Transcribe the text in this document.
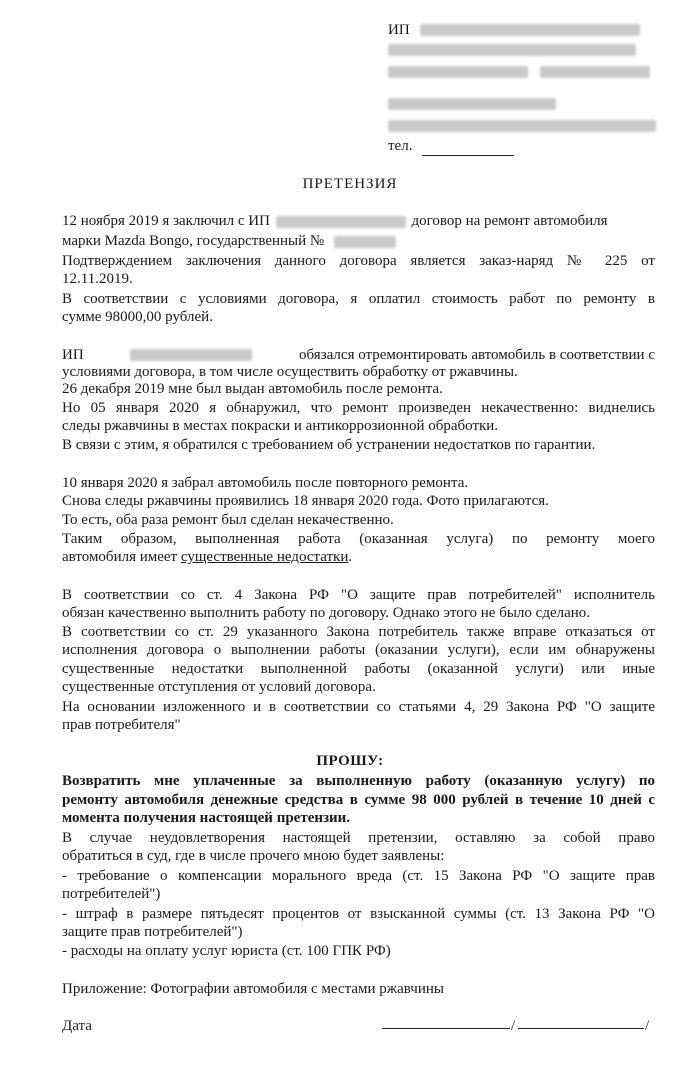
ИП
тел.
ПРЕТЕНЗИЯ
12 ноября 2019 я заключил с ИП	договор на ремонт автомобиля
марки Mazda Bongo, государственный №
Подтверждением заключения данного договора является заказ-наряд № 225 от
12.11.2019.
В соответствии с условиями договора, я оплатил стоимость работ по ремонту в
сумме 98000,00 рублей.
ИП	обязался отремонтировать автомобиль в соответствии с
условиями договора, в том числе осуществить обработку от ржавчины.
26 декабря 2019 мне был выдан автомобиль после ремонта.
Но 05 января 2020 я обнаружил, что ремонт произведен некачественно: виднелись
следы ржавчины в местах покраски и антикоррозионной обработки.
В связи с этим, я обратился с требованием об устранении недостатков по гарантии.
10 января 2020 я забрал автомобиль после повторного ремонта.
Снова следы ржавчины проявились 18 января 2020 года. Фото прилагаются.
То есть, оба раза ремонт был сделан некачественно.
Таким образом, выполненная работа (оказанная услуга) по ремонту моего
автомобиля имеет существенные недостатки.
В соответствии со ст. 4 Закона РФ "О защите прав потребителей" исполнитель
обязан качественно выполнить работу по договору. Однако этого не было сделано.
В соответствии со ст. 29 указанного Закона потребитель также вправе отказаться от
исполнения договора о выполнении работы (оказании услуги), если им обнаружены
существенные недостатки выполненной работы (оказанной услуги) или иные
существенные отступления от условий договора.
На основании изложенного и в соответствии со статьями 4, 29 Закона РФ "О защите
прав потребителя"
ПРОШУ:
Возвратить мне уплаченные за выполненную работу (оказанную услугу) по
ремонту автомобиля денежные средства в сумме 98 000 рублей в течение 10 дней с
момента получения настоящей претензии.
В случае неудовлетворения настоящей претензии, оставляю за собой право
обратиться в суд, где в числе прочего мною будет заявлены:
- требование о компенсации морального вреда (ст. 15 Закона РФ "О защите прав
потребителей")
- штраф в размере пятьдесят процентов от взысканной суммы (ст. 13 Закона РФ "О
защите прав потребителей")
- расходы на оплату услуг юриста (ст. 100 ГПК РФ)
Приложение: Фотографии автомобиля с местами ржавчины
Дата	/	/
